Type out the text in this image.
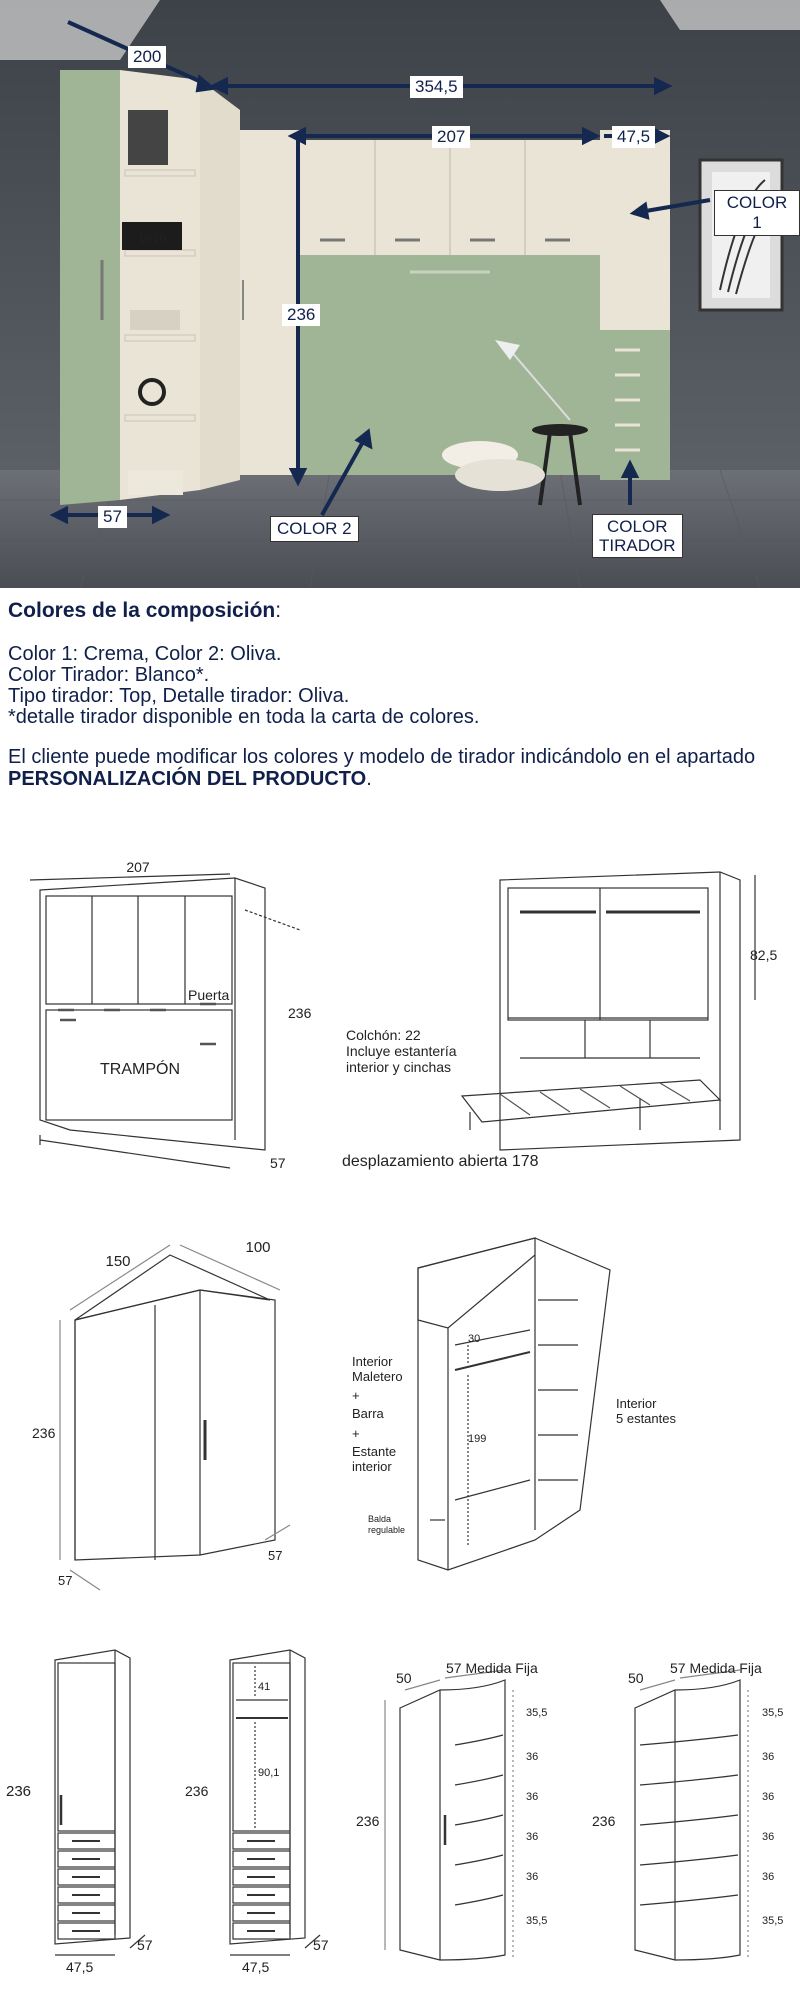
10:10
200
354,5
207	47,5
236
57
COLOR 1
COLOR 2	COLOR
TIRADOR
Colores de la composición:
Color 1: Crema, Color 2: Oliva.
Color Tirador: Blanco*.
Tipo tirador: Top, Detalle tirador: Oliva.
*detalle tirador disponible en toda la carta de colores.
El cliente puede modificar los colores y modelo de tirador indicándolo en el apartado PERSONALIZACIÓN DEL PRODUCTO.
207
236
57
Puerta
TRAMPÓN
82,5
Colchón: 22
Incluye estantería
interior y cinchas
desplazamiento abierta 178
150
100
236
57
57
30
199
Interior
Maletero
+
Barra
+
Estante
interior
Interior
5 estantes
Balda
regulable
236
47,5
57
236
41
90,1
47,5
57
50
57 Medida Fija
236
35,5
36
36
36
36
35,5
50
57 Medida Fija
236
35,5
36
36
36
36
35,5
